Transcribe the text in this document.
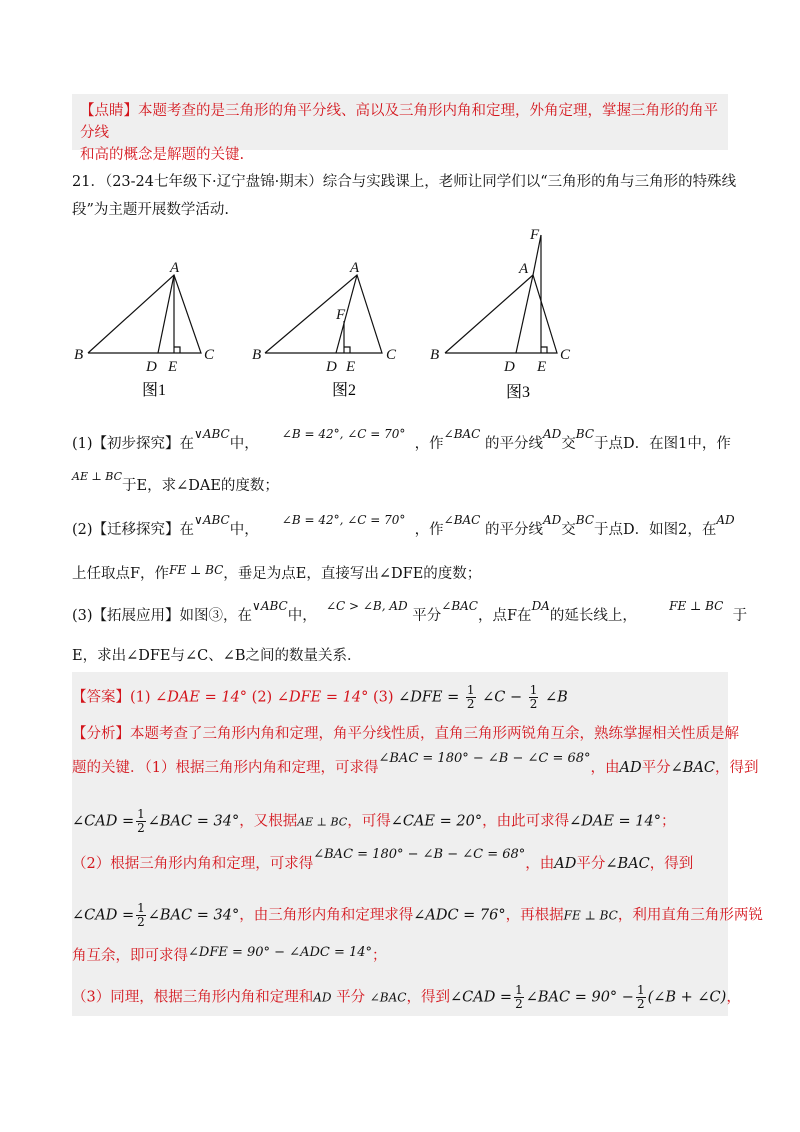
【点睛】本题考查的是三角形的角平分线、高以及三角形内角和定理，外角定理，掌握三角形的角平分线
和高的概念是解题的关键.
21．（23-24七年级下·辽宁盘锦·期末）综合与实践课上，老师让同学们以“三角形的角与三角形的特殊线
段”为主题开展数学活动.
A
B	C
D E
图1
A
B	C
D E
F
图2
A
F
B	C
D E
图3
(1)【初步探究】在$^{\vee ABC}$中，     $^{\angle B = 42^\circ, \angle C = 70^\circ}$  ，作$^{\angle BAC}$ 的平分线$^{AD}$交$^{BC}$于点D．在图1中，作
$^{AE \perp BC}$于E，求∠DAE的度数；
(2)【迁移探究】在$^{\vee ABC}$中，     $^{\angle B = 42^\circ, \angle C = 70^\circ}$  ，作$^{\angle BAC}$ 的平分线$^{AD}$交$^{BC}$于点D．如图2，在$^{AD}$
上任取点F，作$^{FE \perp BC}$，垂足为点E，直接写出∠DFE的度数；
(3)【拓展应用】如图③，在$^{\vee ABC}$中，  $^{\angle C > \angle B, AD}$ 平分$^{\angle BAC}$，点F在$^{DA}$的延长线上，       $^{FE \perp BC}$  于
E，求出∠DFE与∠C、∠B之间的数量关系．
【答案】(1) ∠DAE = 14° (2) ∠DFE = 14° (3) ∠DFE = $\frac{1}{2}$ ∠C − $\frac{1}{2}$ ∠B
【分析】本题考查了三角形内角和定理，角平分线性质，直角三角形两锐角互余，熟练掌握相关性质是解
题的关键．（1）根据三角形内角和定理，可求得∠BAC = 180° − ∠B − ∠C = 68°，由AD平分∠BAC，得到
∠CAD = $\frac{1}{2}$ ∠BAC = 34°，又根据AE ⊥ BC，可得∠CAE = 20°，由此可求得∠DAE = 14°；
（2）根据三角形内角和定理，可求得∠BAC = 180° − ∠B − ∠C = 68°，由AD平分∠BAC，得到
∠CAD = $\frac{1}{2}$ ∠BAC = 34°，由三角形内角和定理求得∠ADC = 76°，再根据FE ⊥ BC，利用直角三角形两锐
角互余，即可求得∠DFE = 90° − ∠ADC = 14°；
（3）同理，根据三角形内角和定理和AD 平分 ∠BAC，得到∠CAD = $\frac{1}{2}$ ∠BAC = $90^\circ - \frac{1}{2}$ (∠B + ∠C)，
